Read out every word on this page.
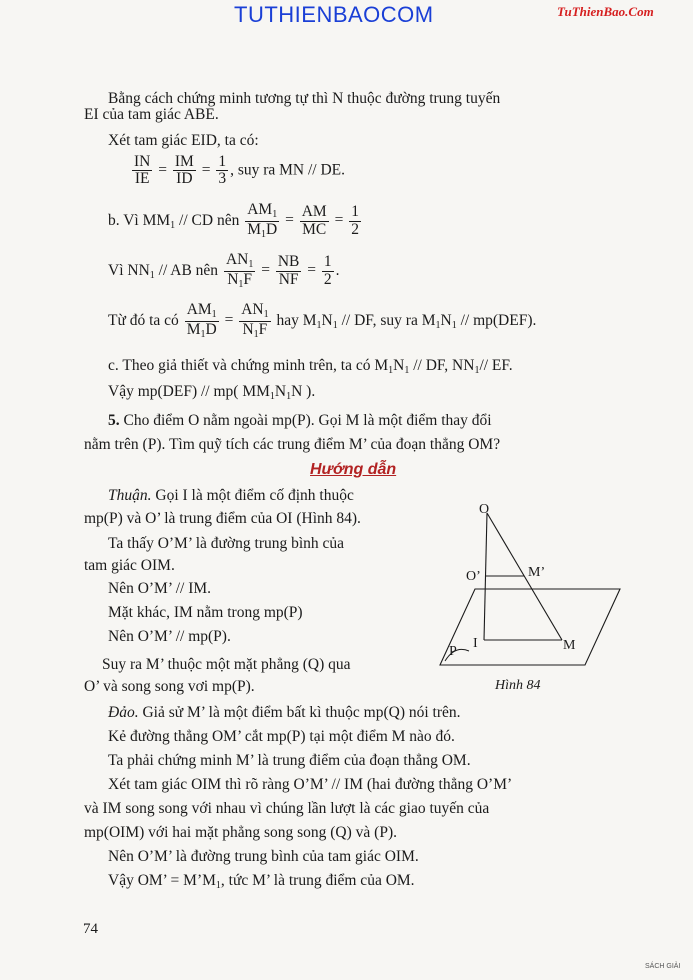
TUTHIENBAOCOM	TuThienBao.Com
Bằng cách chứng minh tương tự thì N thuộc đường trung tuyến
EI của tam giác ABE.
Xét tam giác EID, ta có:
$\frac{IN}{IE} = \frac{IM}{ID} = \frac{1}{3}$ , suy ra MN // DE.
b. Vì $MM_1$ // CD nên $\frac{AM_1}{M_1D} = \frac{AM}{MC} = \frac{1}{2}$
Vì $NN_1$ // AB nên $\frac{AN_1}{N_1F} = \frac{NB}{NF} = \frac{1}{2}$ .
Từ đó ta có $\frac{AM_1}{M_1D} = \frac{AN_1}{N_1F}$ hay $M_1N_1$ // DF, suy ra $M_1N_1 // mp(DEF)$.
c. Theo giả thiết và chứng minh trên, ta có $M_1N_1$ // DF, $NN_1//$ EF.
Vậy mp(DEF) // mp( $MM_1N_1N$ ).
5. Cho điểm O nằm ngoài mp(P). Gọi M là một điểm thay đổi
nằm trên (P). Tìm quỹ tích các trung điểm M’ của đoạn thẳng OM?
Hướng dẫn
Thuận. Gọi I là một điểm cố định thuộc
mp(P) và O’ là trung điểm của OI (Hình 84).
Ta thấy O’M’ là đường trung bình của
tam giác OIM.
Nên O’M’ // IM.
Mặt khác, IM nằm trong mp(P)
Nên O’M’ // mp(P).
Suy ra M’ thuộc một mặt phẳng (Q) qua
O’ và song song vơi mp(P).
O
O’	M’
I	M
P
Hình 84
Đảo. Giả sử M’ là một điểm bất kì thuộc mp(Q) nói trên.
Kẻ đường thẳng OM’ cắt mp(P) tại một điểm M nào đó.
Ta phải chứng minh M’ là trung điểm của đoạn thẳng OM.
Xét tam giác OIM thì rõ ràng O’M’ // IM (hai đường thẳng O’M’
và IM song song với nhau vì chúng lần lượt là các giao tuyến của
mp(OIM) với hai mặt phẳng song song (Q) và (P).
Nên O’M’ là đường trung bình của tam giác OIM.
Vậy OM’ = $M’M_1$, tức M’ là trung điểm của OM.
74
SÁCH GIẢI
